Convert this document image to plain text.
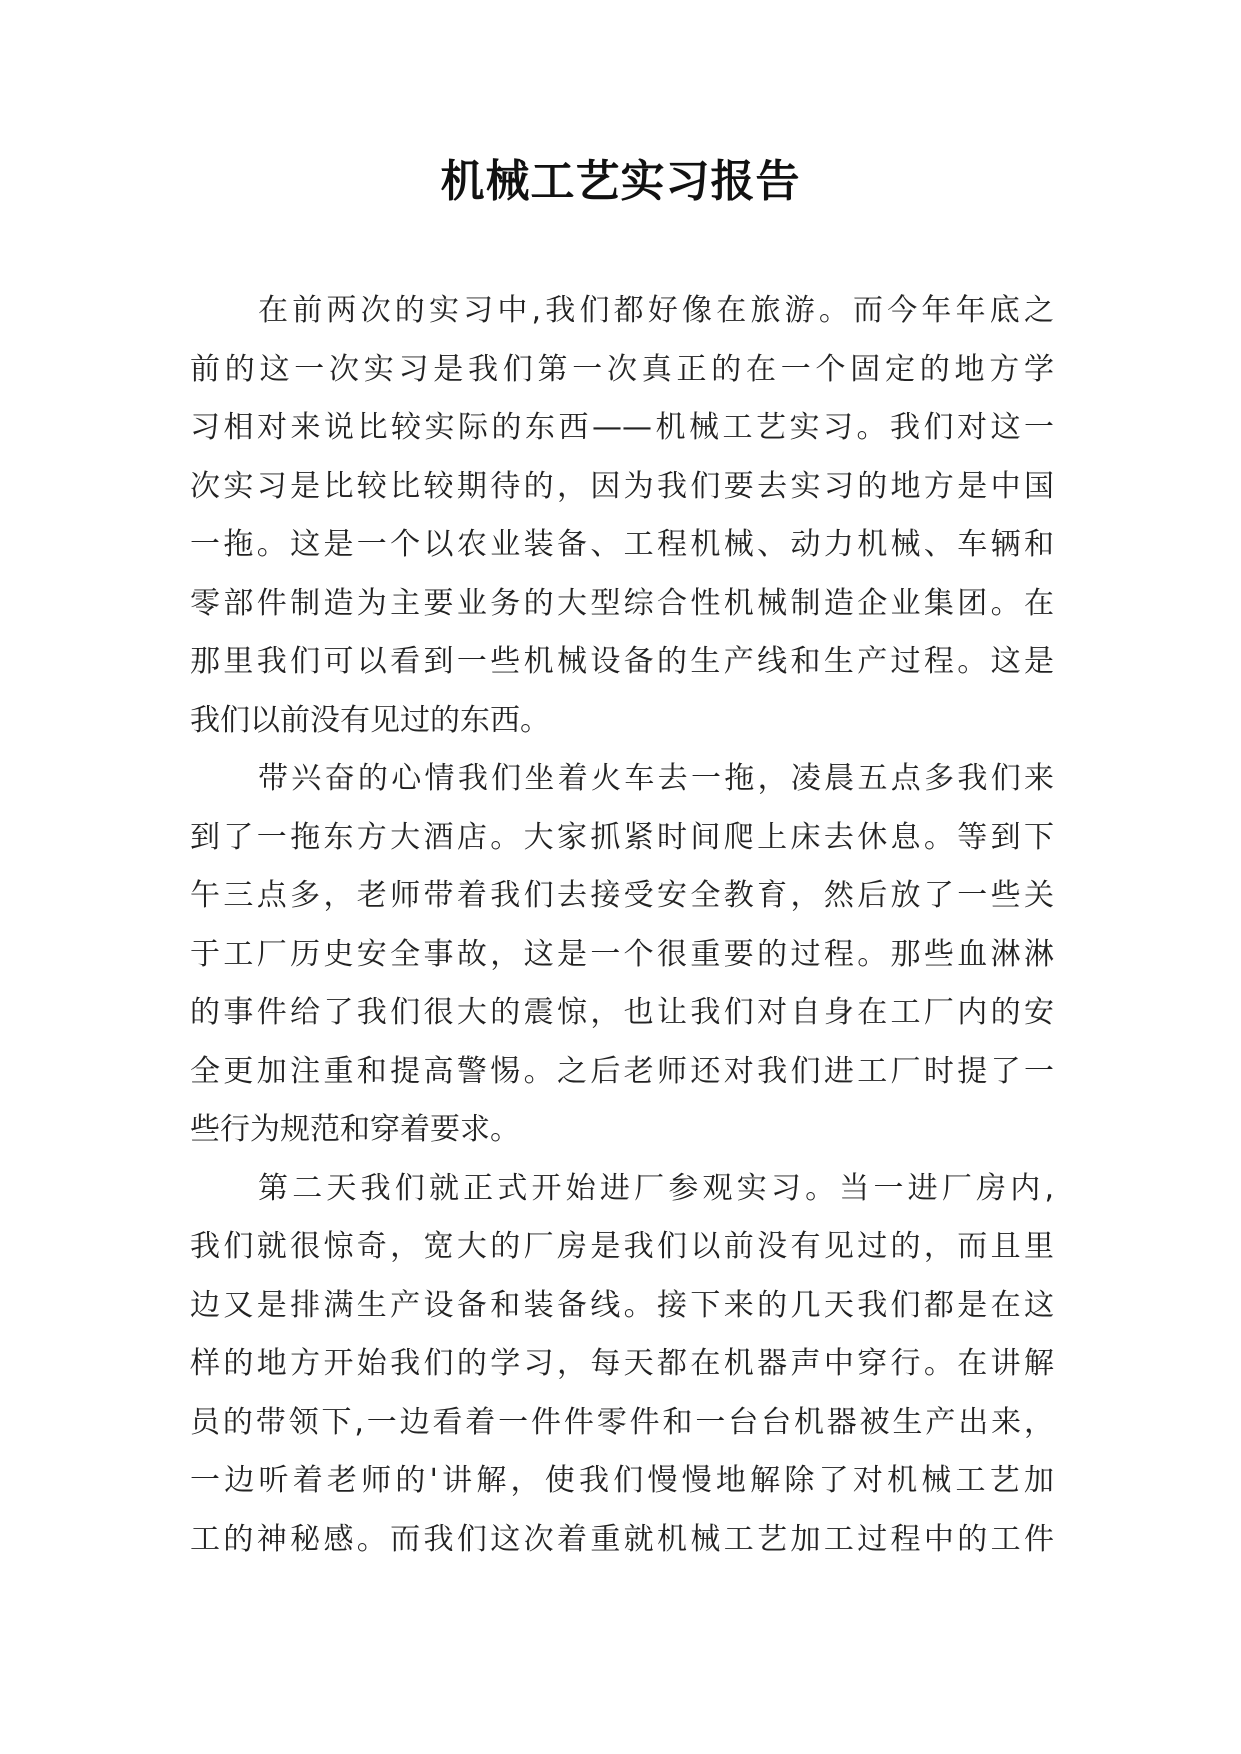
机械工艺实习报告
在前两次的实习中,我们都好像在旅游。而今年年底之
前的这一次实习是我们第一次真正的在一个固定的地方学
习相对来说比较实际的东西——机械工艺实习。我们对这一
次实习是比较比较期待的，因为我们要去实习的地方是中国
一拖。这是一个以农业装备、工程机械、动力机械、车辆和
零部件制造为主要业务的大型综合性机械制造企业集团。在
那里我们可以看到一些机械设备的生产线和生产过程。这是
我们以前没有见过的东西。
带兴奋的心情我们坐着火车去一拖，凌晨五点多我们来
到了一拖东方大酒店。大家抓紧时间爬上床去休息。等到下
午三点多，老师带着我们去接受安全教育，然后放了一些关
于工厂历史安全事故，这是一个很重要的过程。那些血淋淋
的事件给了我们很大的震惊，也让我们对自身在工厂内的安
全更加注重和提高警惕。之后老师还对我们进工厂时提了一
些行为规范和穿着要求。
第二天我们就正式开始进厂参观实习。当一进厂房内,
我们就很惊奇，宽大的厂房是我们以前没有见过的，而且里
边又是排满生产设备和装备线。接下来的几天我们都是在这
样的地方开始我们的学习，每天都在机器声中穿行。在讲解
员的带领下,一边看着一件件零件和一台台机器被生产出来，
一边听着老师的'讲解，使我们慢慢地解除了对机械工艺加
工的神秘感。而我们这次着重就机械工艺加工过程中的工件
